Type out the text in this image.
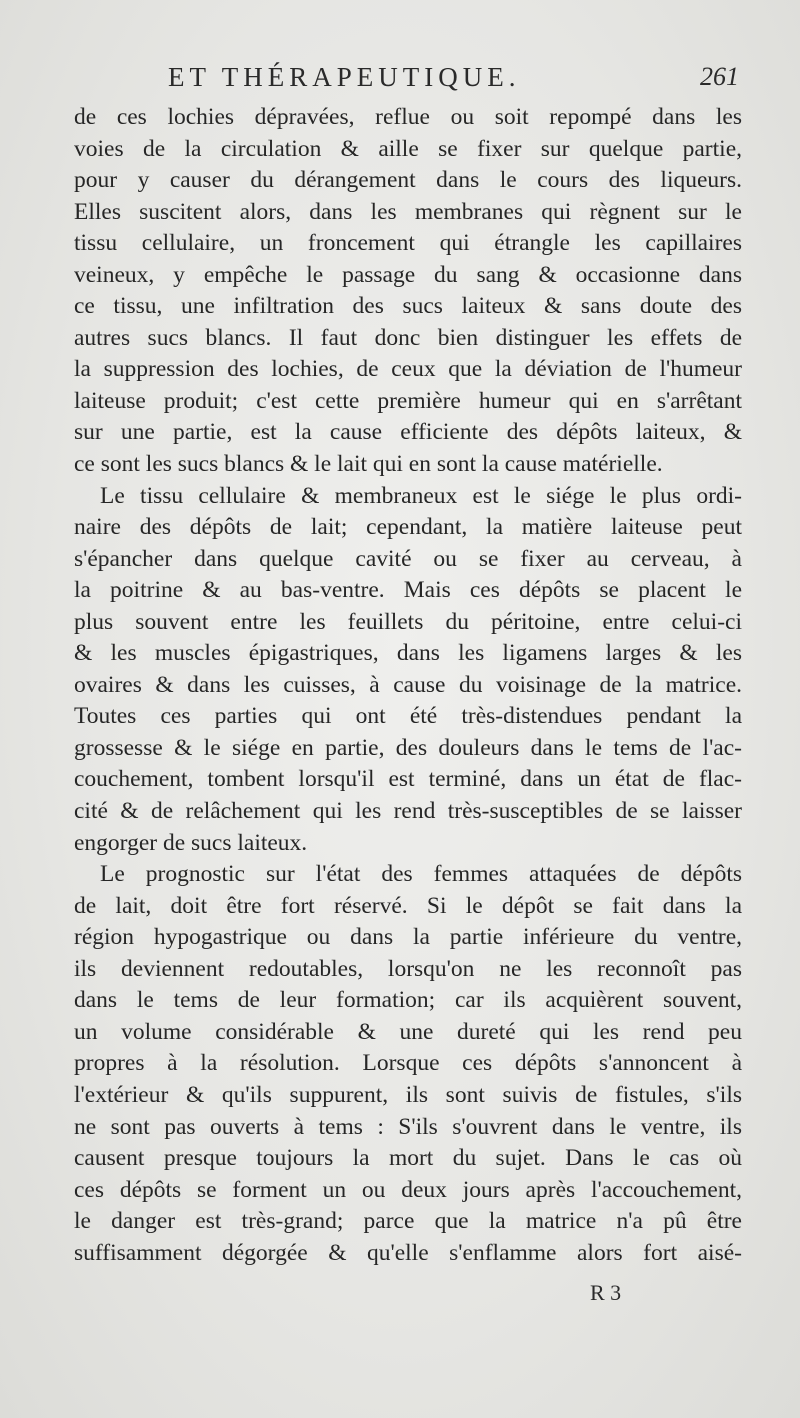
ET THÉRAPEUTIQUE.	261
de ces lochies dépravées, reflue ou soit repompé dans les
voies de la circulation & aille se fixer sur quelque partie,
pour y causer du dérangement dans le cours des liqueurs.
Elles suscitent alors, dans les membranes qui règnent sur le
tissu cellulaire, un froncement qui étrangle les capillaires
veineux, y empêche le passage du sang & occasionne dans
ce tissu, une infiltration des sucs laiteux & sans doute des
autres sucs blancs. Il faut donc bien distinguer les effets de
la suppression des lochies, de ceux que la déviation de l'humeur
laiteuse produit; c'est cette première humeur qui en s'arrêtant
sur une partie, est la cause efficiente des dépôts laiteux, &
ce sont les sucs blancs & le lait qui en sont la cause matérielle.
Le tissu cellulaire & membraneux est le siége le plus ordi-
naire des dépôts de lait; cependant, la matière laiteuse peut
s'épancher dans quelque cavité ou se fixer au cerveau, à
la poitrine & au bas-ventre. Mais ces dépôts se placent le
plus souvent entre les feuillets du péritoine, entre celui-ci
& les muscles épigastriques, dans les ligamens larges & les
ovaires & dans les cuisses, à cause du voisinage de la matrice.
Toutes ces parties qui ont été très-distendues pendant la
grossesse & le siége en partie, des douleurs dans le tems de l'ac-
couchement, tombent lorsqu'il est terminé, dans un état de flac-
cité & de relâchement qui les rend très-susceptibles de se laisser
engorger de sucs laiteux.
Le prognostic sur l'état des femmes attaquées de dépôts
de lait, doit être fort réservé. Si le dépôt se fait dans la
région hypogastrique ou dans la partie inférieure du ventre,
ils deviennent redoutables, lorsqu'on ne les reconnoît pas
dans le tems de leur formation; car ils acquièrent souvent,
un volume considérable & une dureté qui les rend peu
propres à la résolution. Lorsque ces dépôts s'annoncent à
l'extérieur & qu'ils suppurent, ils sont suivis de fistules, s'ils
ne sont pas ouverts à tems : S'ils s'ouvrent dans le ventre, ils
causent presque toujours la mort du sujet. Dans le cas où
ces dépôts se forment un ou deux jours après l'accouchement,
le danger est très-grand; parce que la matrice n'a pû être
suffisamment dégorgée & qu'elle s'enflamme alors fort aisé-
R 3
